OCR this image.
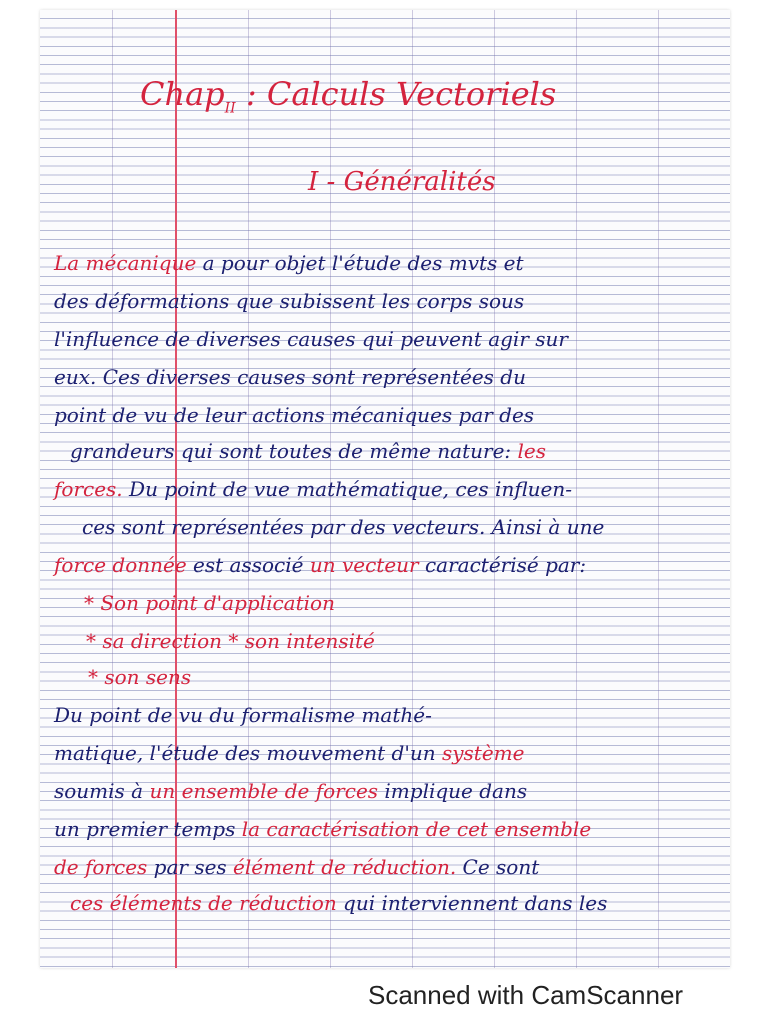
Chap$_{II}$ : Calculs Vectoriels
I - Généralités
La mécanique a pour objet l'étude des mvts et
des déformations que subissent les corps sous
l'influence de diverses causes qui peuvent agir sur
eux. Ces diverses causes sont représentées du
point de vu de leur actions mécaniques par des
grandeurs qui sont toutes de même nature: les
forces. Du point de vue mathématique, ces influen-
ces sont représentées par des vecteurs. Ainsi à une
force donnée est associé un vecteur caractérisé par:
* Son point d'application
* sa direction * son intensité
* son sens
Du point de vu du formalisme mathé-
matique, l'étude des mouvement d'un système
soumis à un ensemble de forces implique dans
un premier temps la caractérisation de cet ensemble
de forces par ses élément de réduction. Ce sont
ces éléments de réduction qui interviennent dans les
Scanned with CamScanner
